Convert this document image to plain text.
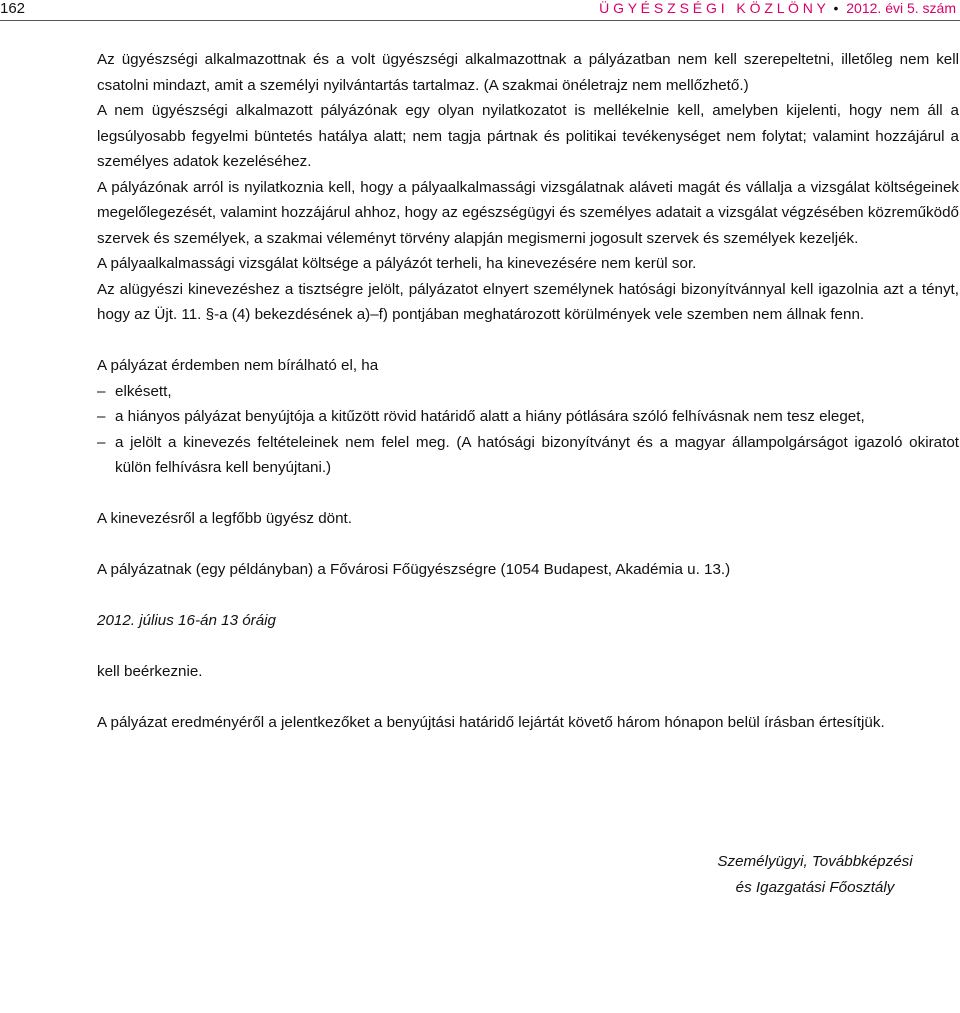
162	Ü G Y É S Z S É G I   K Ö Z L Ö N Y • 2012. évi 5. szám

Az ügyészségi alkalmazottnak és a volt ügyészségi alkalmazottnak a pályázatban nem kell szerepeltetni, illetőleg nem kell csatolni mindazt, amit a személyi nyilvántartás tartalmaz. (A szakmai önéletrajz nem mellőzhető.)

A nem ügyészségi alkalmazott pályázónak egy olyan nyilatkozatot is mellékelnie kell, amelyben kijelenti, hogy nem áll a legsúlyosabb fegyelmi büntetés hatálya alatt; nem tagja pártnak és politikai tevékenységet nem folytat; valamint hozzájárul a személyes adatok kezeléséhez.

A pályázónak arról is nyilatkoznia kell, hogy a pályaalkalmassági vizsgálatnak aláveti magát és vállalja a vizsgálat költségeinek megelőlegezését, valamint hozzájárul ahhoz, hogy az egészségügyi és személyes adatait a vizsgálat végzésében közreműködő szervek és személyek, a szakmai véleményt törvény alapján megismerni jogosult szervek és személyek kezeljék.

A pályaalkalmassági vizsgálat költsége a pályázót terheli, ha kinevezésére nem kerül sor.

Az alügyészi kinevezéshez a tisztségre jelölt, pályázatot elnyert személynek hatósági bizonyítvánnyal kell igazolnia azt a tényt, hogy az Üjt. 11. §-a (4) bekezdésének a)–f) pontjában meghatározott körülmények vele szemben nem állnak fenn.

A pályázat érdemben nem bírálható el, ha

– elkésett,
– a hiányos pályázat benyújtója a kitűzött rövid határidő alatt a hiány pótlására szóló felhívásnak nem tesz eleget,
– a jelölt a kinevezés feltételeinek nem felel meg. (A hatósági bizonyítványt és a magyar állampolgárságot igazoló okiratot külön felhívásra kell benyújtani.)

A kinevezésről a legfőbb ügyész dönt.

A pályázatnak (egy példányban) a Fővárosi Főügyészségre (1054 Budapest, Akadémia u. 13.)

2012. július 16-án 13 óráig

kell beérkeznie.

A pályázat eredményéről a jelentkezőket a benyújtási határidő lejártát követő három hónapon belül írásban értesítjük.

Személyügyi, Továbbképzési
és Igazgatási Főosztály
